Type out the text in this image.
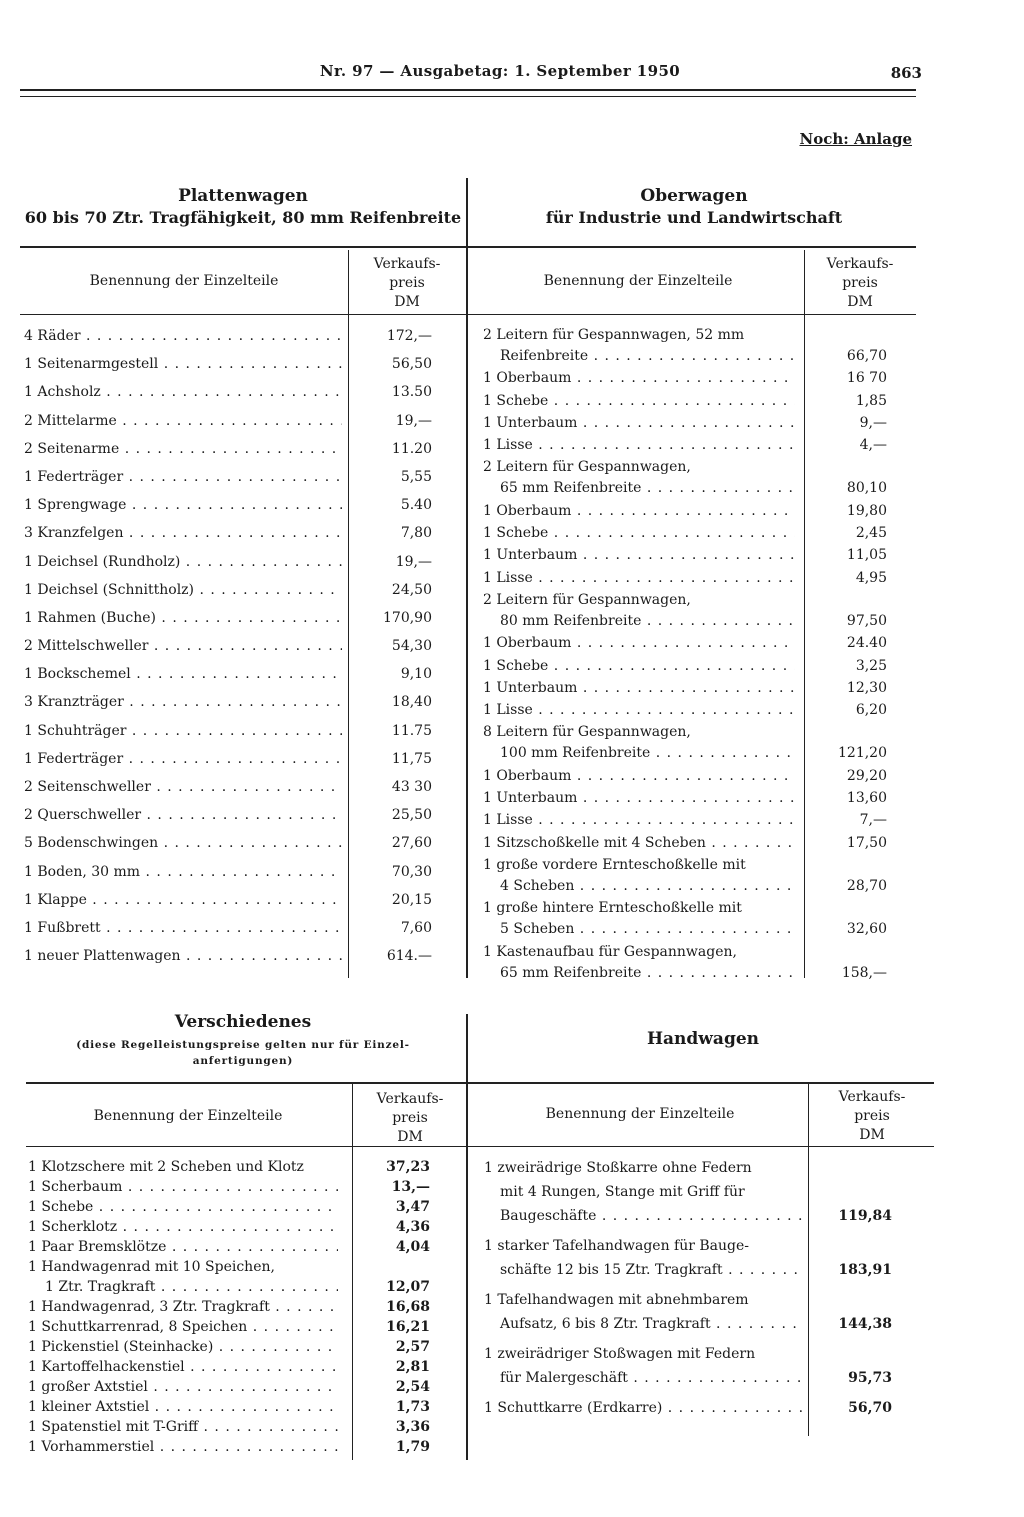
Nr. 97 — Ausgabetag: 1. September 1950	863
Noch: Anlage
Plattenwagen
60 bis 70 Ztr. Tragfähigkeit, 80 mm Reifenbreite
Oberwagen
für Industrie und Landwirtschaft
Benennung der Einzelteile
Verkaufs-
preis
DM
Benennung der Einzelteile
Verkaufs-
preis
DM
4 Räder . . .	172,—
1 Seitenarmgestell . . .	56,50
1 Achsholz . . .	13.50
2 Mittelarme . . .	19,—
2 Seitenarme . . .	11.20
1 Federträger . . .	5,55
1 Sprengwage . . .	5.40
3 Kranzfelgen . . .	7,80
1 Deichsel (Rundholz) . . .	19,—
1 Deichsel (Schnittholz) . . .	24,50
1 Rahmen (Buche) . . .	170,90
2 Mittelschweller . . .	54,30
1 Bockschemel . . .	9,10
3 Kranzträger . . .	18,40
1 Schuhträger . . .	11.75
1 Federträger . . .	11,75
2 Seitenschweller . . .	43 30
2 Querschweller . . .	25,50
5 Bodenschwingen . . .	27,60
1 Boden, 30 mm . . .	70,30
1 Klappe . . .	20,15
1 Fußbrett . . .	7,60
1 neuer Plattenwagen . . .	614.—
2 Leitern für Gespannwagen, 52 mm
Reifenbreite . . .	66,70
1 Oberbaum . . .	16 70
1 Schebe . . .	1,85
1 Unterbaum . . .	9,—
1 Lisse . . .	4,—
2 Leitern für Gespannwagen,
65 mm Reifenbreite . . .	80,10
1 Oberbaum . . .	19,80
1 Schebe . . .	2,45
1 Unterbaum . . .	11,05
1 Lisse . . .	4,95
2 Leitern für Gespannwagen,
80 mm Reifenbreite . . .	97,50
1 Oberbaum . . .	24.40
1 Schebe . . .	3,25
1 Unterbaum . . .	12,30
1 Lisse . . .	6,20
8 Leitern für Gespannwagen,
100 mm Reifenbreite . . .	121,20
1 Oberbaum . . .	29,20
1 Unterbaum . . .	13,60
1 Lisse . . .	7,—
1 Sitzschoßkelle mit 4 Scheben . . .	17,50
1 große vordere Ernteschoßkelle mit
4 Scheben . . .	28,70
1 große hintere Ernteschoßkelle mit
5 Scheben . . .	32,60
1 Kastenaufbau für Gespannwagen,
65 mm Reifenbreite . . .	158,—
Verschiedenes
(diese Regelleistungspreise gelten nur für Einzel-
anfertigungen)
Handwagen
Benennung der Einzelteile
Verkaufs-
preis
DM
Benennung der Einzelteile
Verkaufs-
preis
DM
1 Klotzschere mit 2 Scheben und Klotz	37,23
1 Scherbaum . . .	13,—
1 Schebe . . .	3,47
1 Scherklotz . . .	4,36
1 Paar Bremsklötze . . .	4,04
1 Handwagenrad mit 10 Speichen,
1 Ztr. Tragkraft . . .	12,07
1 Handwagenrad, 3 Ztr. Tragkraft . . .	16,68
1 Schuttkarrenrad, 8 Speichen . . .	16,21
1 Pickenstiel (Steinhacke) . . .	2,57
1 Kartoffelhackenstiel . . .	2,81
1 großer Axtstiel . . .	2,54
1 kleiner Axtstiel . . .	1,73
1 Spatenstiel mit T-Griff . . .	3,36
1 Vorhammerstiel . . .	1,79
1 zweirädrige Stoßkarre ohne Federn
mit 4 Rungen, Stange mit Griff für
Baugeschäfte . . .	119,84
1 starker Tafelhandwagen für Bauge-
schäfte 12 bis 15 Ztr. Tragkraft . . .	183,91
1 Tafelhandwagen mit abnehmbarem
Aufsatz, 6 bis 8 Ztr. Tragkraft . . .	144,38
1 zweirädriger Stoßwagen mit Federn
für Malergeschäft . . .	95,73
1 Schuttkarre (Erdkarre) . . .	56,70
